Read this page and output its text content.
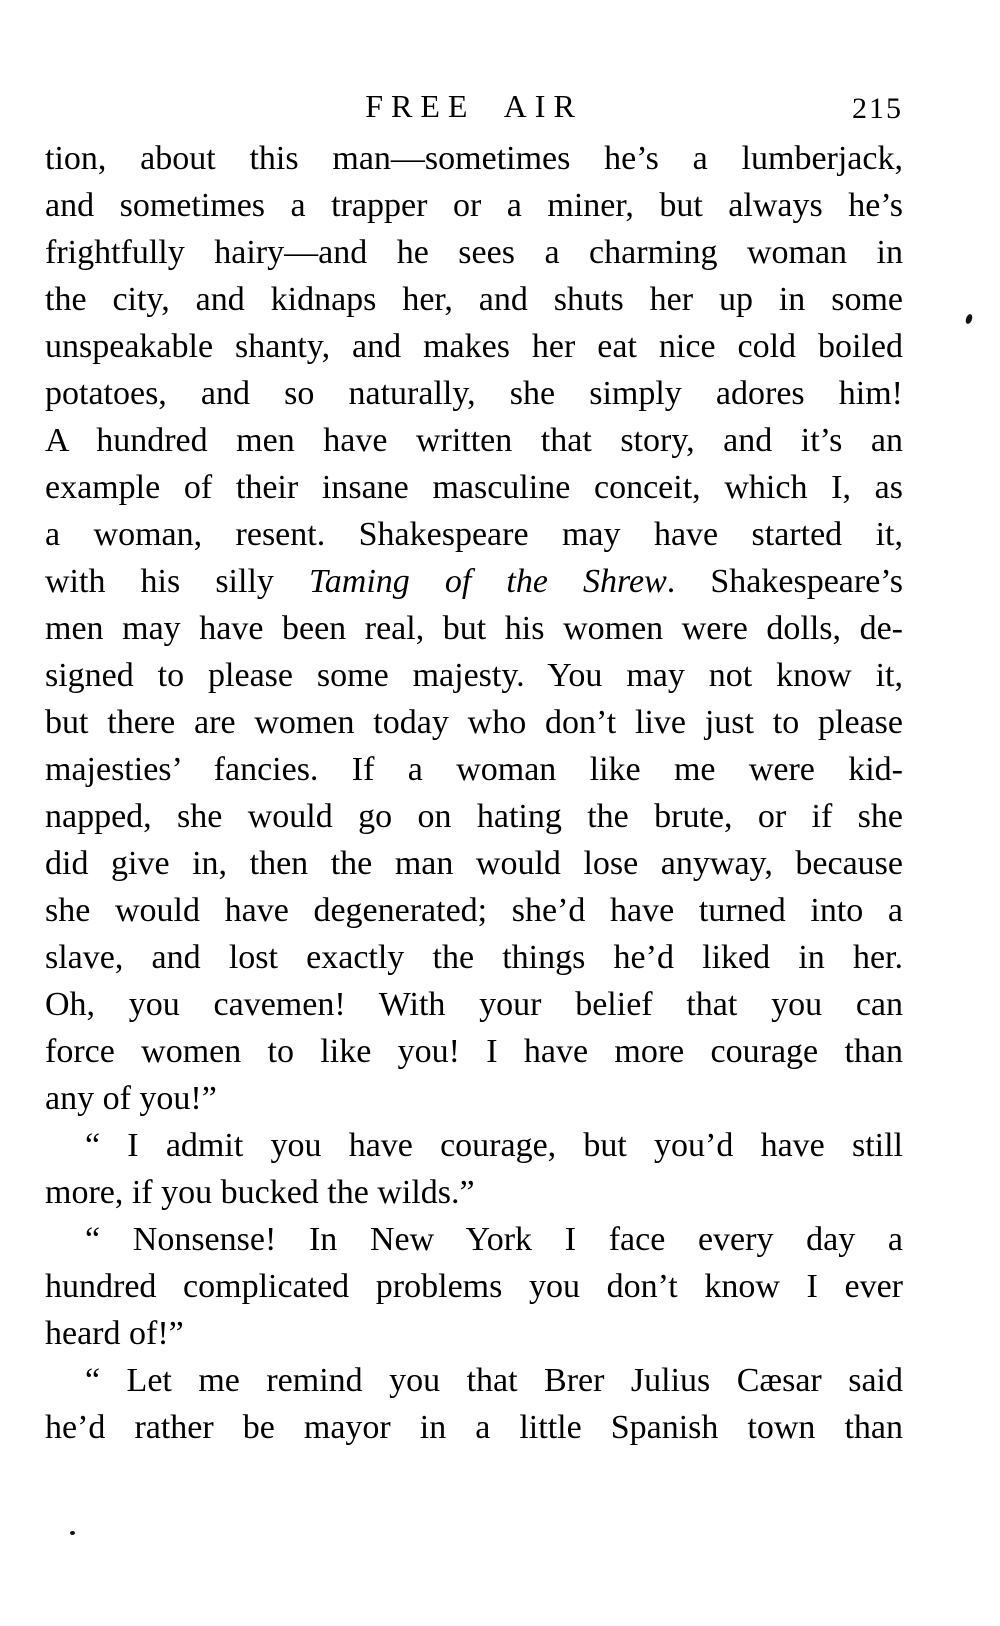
FREE AIR	215

tion, about this man—sometimes he’s a lumberjack,
and sometimes a trapper or a miner, but always he’s
frightfully hairy—and he sees a charming woman in
the city, and kidnaps her, and shuts her up in some
unspeakable shanty, and makes her eat nice cold boiled
potatoes, and so naturally, she simply adores him!
A hundred men have written that story, and it’s an
example of their insane masculine conceit, which I, as
a woman, resent. Shakespeare may have started it,
with his silly Taming of the Shrew. Shakespeare’s
men may have been real, but his women were dolls, de-
signed to please some majesty. You may not know it,
but there are women today who don’t live just to please
majesties’ fancies. If a woman like me were kid-
napped, she would go on hating the brute, or if she
did give in, then the man would lose anyway, because
she would have degenerated; she’d have turned into a
slave, and lost exactly the things he’d liked in her.
Oh, you cavemen! With your belief that you can
force women to like you! I have more courage than
any of you!”

“ I admit you have courage, but you’d have still
more, if you bucked the wilds.”

“ Nonsense! In New York I face every day a
hundred complicated problems you don’t know I ever
heard of!”

“ Let me remind you that Brer Julius Cæsar said
he’d rather be mayor in a little Spanish town than
